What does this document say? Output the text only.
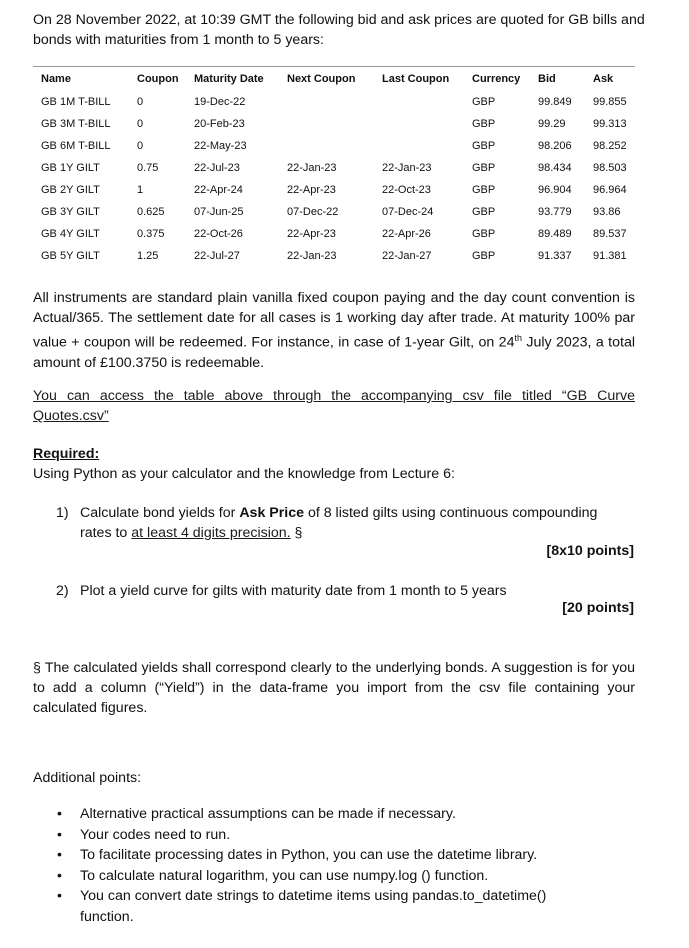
On 28 November 2022, at 10:39 GMT the following bid and ask prices are quoted for GB bills and bonds with maturities from 1 month to 5 years:
Name	Coupon	Maturity Date	Next Coupon	Last Coupon	Currency	Bid	Ask
GB 1M T-BILL	0	19-Dec-22			GBP	99.849	99.855
GB 3M T-BILL	0	20-Feb-23			GBP	99.29	99.313
GB 6M T-BILL	0	22-May-23			GBP	98.206	98.252
GB 1Y GILT	0.75	22-Jul-23	22-Jan-23	22-Jan-23	GBP	98.434	98.503
GB 2Y GILT	1	22-Apr-24	22-Apr-23	22-Oct-23	GBP	96.904	96.964
GB 3Y GILT	0.625	07-Jun-25	07-Dec-22	07-Dec-24	GBP	93.779	93.86
GB 4Y GILT	0.375	22-Oct-26	22-Apr-23	22-Apr-26	GBP	89.489	89.537
GB 5Y GILT	1.25	22-Jul-27	22-Jan-23	22-Jan-27	GBP	91.337	91.381
All instruments are standard plain vanilla fixed coupon paying and the day count convention is Actual/365. The settlement date for all cases is 1 working day after trade. At maturity 100% par value + coupon will be redeemed. For instance, in case of 1-year Gilt, on 24th July 2023, a total amount of £100.3750 is redeemable.
You can access the table above through the accompanying csv file titled “GB Curve Quotes.csv”
Required:
Using Python as your calculator and the knowledge from Lecture 6:
1) Calculate bond yields for Ask Price of 8 listed gilts using continuous compounding rates to at least 4 digits precision. §
[8x10 points]
2) Plot a yield curve for gilts with maturity date from 1 month to 5 years
[20 points]
§ The calculated yields shall correspond clearly to the underlying bonds. A suggestion is for you to add a column (“Yield”) in the data-frame you import from the csv file containing your calculated figures.
Additional points:
• Alternative practical assumptions can be made if necessary.
• Your codes need to run.
• To facilitate processing dates in Python, you can use the datetime library.
• To calculate natural logarithm, you can use numpy.log () function.
• You can convert date strings to datetime items using pandas.to_datetime()
function.
